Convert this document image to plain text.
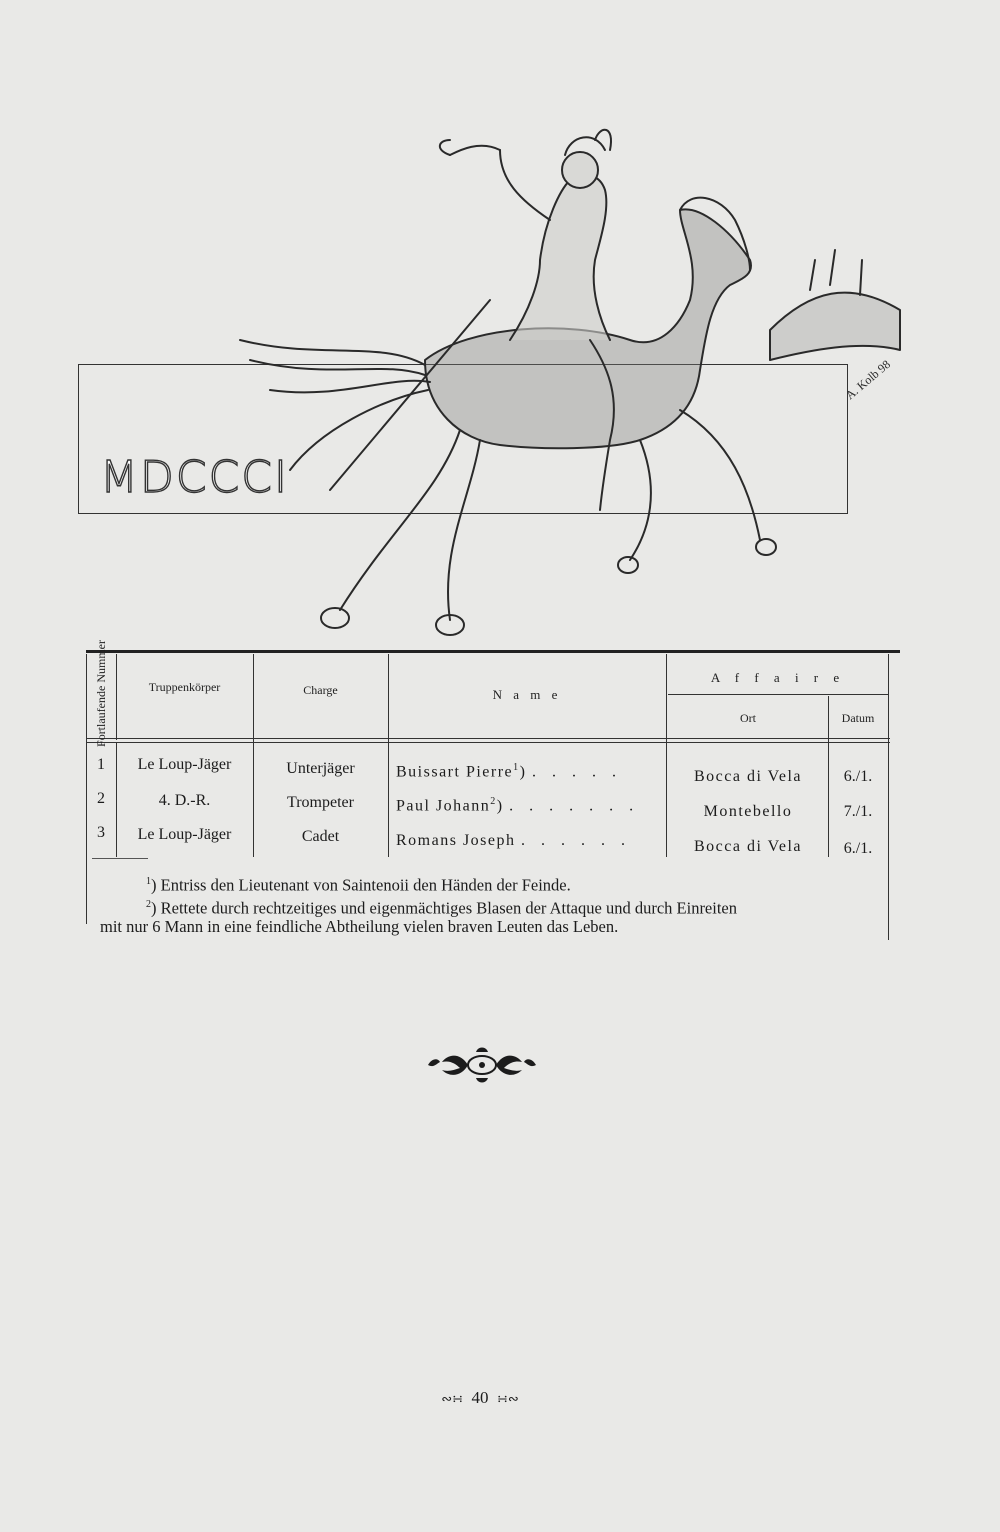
MDCCCI
A. Kolb 98
Fortlaufende Nummer	Truppenkörper	Charge	N a m e
A f f a i r e
Ort	Datum
1	Le Loup-Jäger	Unterjäger	Buissart Pierre$^1$) . . . . .	Bocca di Vela	6./1.
2	4. D.-R.	Trompeter	Paul Johann$^2$) . . . . . . .	Montebello	7./1.
3	Le Loup-Jäger	Cadet	Romans Joseph . . . . . .	Bocca di Vela	6./1.
$^1$) Entriss den Lieutenant von Saintenoii den Händen der Feinde.
$^2$) Rettete durch rechtzeitiges und eigenmächtiges Blasen der Attaque und durch Einreiten
mit nur 6 Mann in eine feindliche Abtheilung vielen braven Leuten das Leben.
∾∺ 40 ∺∾
